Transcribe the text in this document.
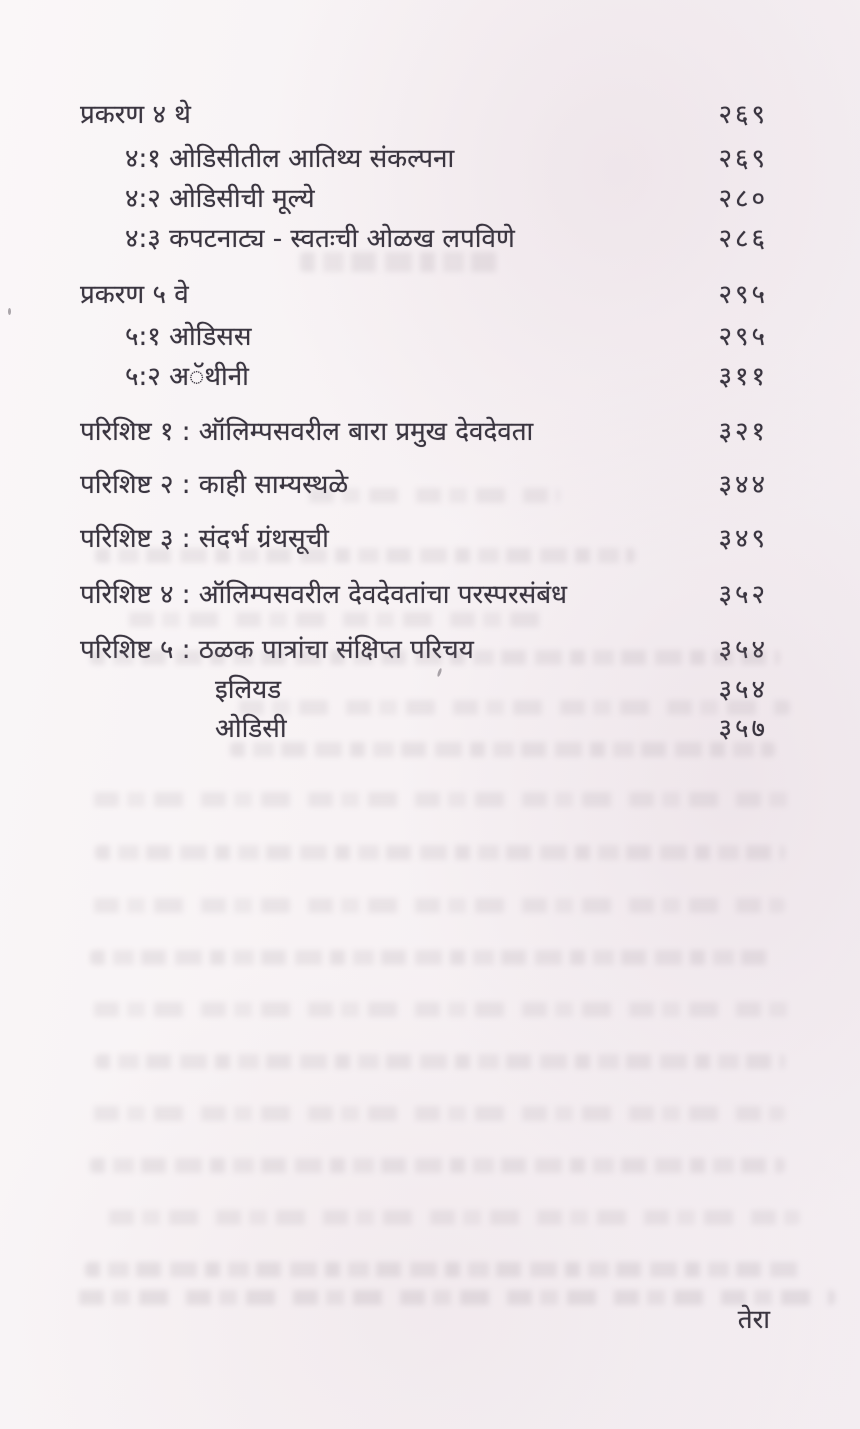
प्रकरण ४ थे	२६९
४:१ ओडिसीतील आतिथ्य संकल्पना	२६९
४:२ ओडिसीची मूल्ये	२८०
४:३ कपटनाट्य - स्वतःची ओळख लपविणे	२८६
प्रकरण ५ वे	२९५
५:१ ओडिसस	२९५
५:२ अॅथीनी	३११
परिशिष्ट १ : ऑलिम्पसवरील बारा प्रमुख देवदेवता	३२१
परिशिष्ट २ : काही साम्यस्थळे	३४४
परिशिष्ट ३ : संदर्भ ग्रंथसूची	३४९
परिशिष्ट ४ : ऑलिम्पसवरील देवदेवतांचा परस्परसंबंध	३५२
परिशिष्ट ५ : ठळक पात्रांचा संक्षिप्त परिचय	३५४
इलियड	३५४
ओडिसी	३५७
तेरा
